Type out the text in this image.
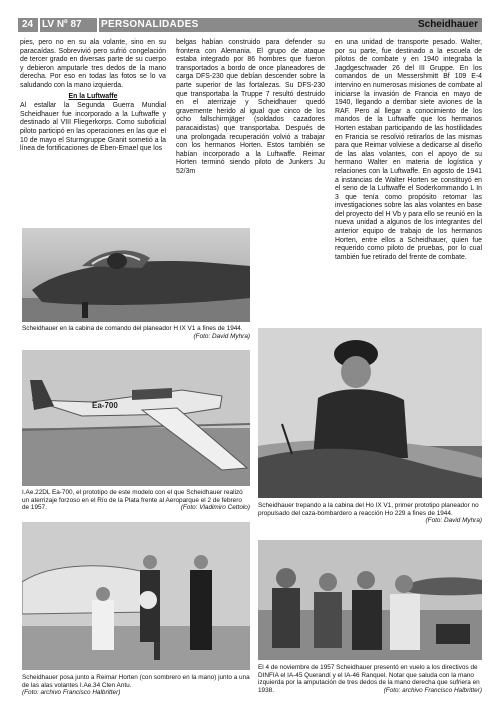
24 LV Nº 87 PERSONALIDADES	Scheidhauer

pies, pero no en su ala volante, sino en su paracaídas. Sobrevivió pero sufrió congelación de tercer grado en diversas parte de su cuerpo y debieron amputarle tres dedos de la mano derecha. Por eso en todas las fotos se lo va saludando con la mano izquierda.

En la Luftwaffe

Al estallar la Segunda Guerra Mundial Scheidhauer fue incorporado a la Luftwaffe y destinado al VIII Fliegerkorps. Como suboficial piloto participó en las operaciones en las que el 10 de mayo el Sturmgruppe Granit sometió a la línea de fortificaciones de Eben-Emael que los

belgas habían construido para defender su frontera con Alemania. El grupo de ataque estaba integrado por 86 hombres que fueron transportados a bordo de once planeadores de carga DFS-230 que debían descender sobre la parte superior de las fortalezas. Su DFS-230 que transportaba la Truppe 7 resultó destruido en el aterrizaje y Scheidhauer quedó gravemente herido al igual que cinco de los ocho fallschirmjäger (soldados cazadores paracaidistas) que transportaba. Después de una prolongada recuperación volvió a trabajar con los hermanos Horten. Estos también se habían incorporado a la Luftwaffe. Reimar Horten terminó siendo piloto de Junkers Ju 52/3m

en una unidad de transporte pesado. Walter, por su parte, fue destinado a la escuela de pilotos de combate y en 1940 integraba la Jagdgeschwader 26 del III Gruppe. En los comandos de un Messershmitt Bf 109 E-4 intervino en numerosas misiones de combate al iniciarse la invasión de Francia en mayo de 1940, llegando a derribar siete aviones de la RAF. Pero al llegar a conocimiento de los mandos de la Luftwaffe que los hermanos Horten estaban participando de las hostilidades en Francia se resolvió retirarlos de las mismas para que Reimar volviese a dedicarse al diseño de las alas volantes, con el apoyo de su hermano Walter en materia de logística y relaciones con la Luftwaffe. En agosto de 1941 a instancias de Walter Horten se constituyó en el seno de la Luftwaffe el Soderkommando L In 3 que tenía como propósito retomar las investigaciones sobre las alas volantes en base del proyecto del H Vb y para ello se reunió en la nueva unidad a algunos de los integrantes del anterior equipo de trabajo de los hermanos Horten, entre ellos a Scheidhauer, quien fue requerido como piloto de pruebas, por lo cual también fue retirado del frente de combate.

Scheidhauer en la cabina de comando del planeador H IX V1 a fines de 1944.
(Foto: David Myhra)
Ea-700
I.Ae.22DL Ea-700, el prototipo de este modelo con el que Scheidhauer realizó un aterrizaje forzoso en el Río de la Plata frente al Aeroparque el 2 de febrero de 1957.	(Foto: Vladimiro Cettolo) Scheidhauer trepando a la cabina del Ho IX V1, primer prototipo planeador no propulsado del caza-bombardero a reacción Ho 229 a fines de 1944.
(Foto: David Myhra)
Scheidhauer posa junto a Reimar Horten (con sombrero en la mano) junto a una de las alas volantes I.Ae.34 Clen Antu.
(Foto: archivo Francisco Halbritter)
El 4 de noviembre de 1957 Scheidhauer presentó en vuelo a los directivos de DINFIA el IA-45 Querandí y el IA-46 Ranquel. Notar que saluda con la mano izquierda por la amputación de tres dedos de la mano derecha que sufriera en 1938.	(Foto: archivo Francisco Halbritter)
